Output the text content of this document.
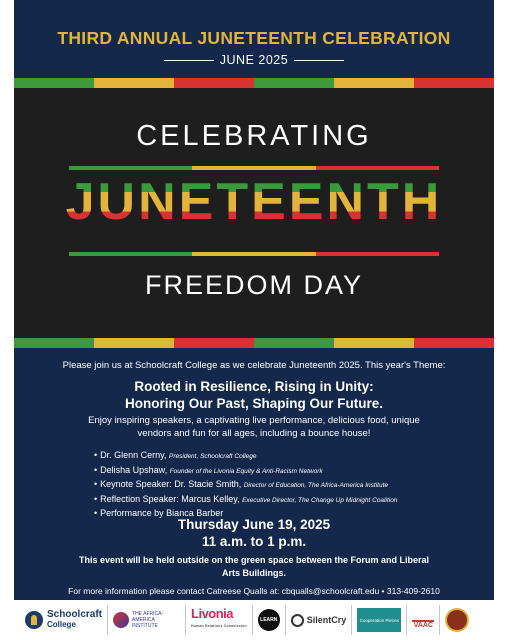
THIRD ANNUAL JUNETEENTH CELEBRATION
JUNE 2025
CELEBRATING
JUNETEENTH
FREEDOM DAY
Please join us at Schoolcraft College as we celebrate Juneteenth 2025. This year's Theme:
Rooted in Resilience, Rising in Unity:
Honoring Our Past, Shaping Our Future.
Enjoy inspiring speakers, a captivating live performance, delicious food, unique vendors and fun for all ages, including a bounce house!
• Dr. Glenn Cerny, President, Schoolcraft College
• Delisha Upshaw, Founder of the Livonia Equity & Anti-Racism Network
• Keynote Speaker: Dr. Stacie Smith, Director of Education, The Africa-America Institute
• Reflection Speaker: Marcus Kelley, Executive Director, The Change Up Midnight Coalition
• Performance by Bianca Barber
Thursday June 19, 2025
11 a.m. to 1 p.m.
This event will be held outside on the green space between the Forum and Liberal Arts Buildings.
For more information please contact Catreese Qualls at: cbqualls@schoolcraft.edu • 313-409-2610
Schoolcraft
College
THE AFRICA-AMERICA INSTITUTE
Livonia
Human Relations Commission
LEARN	SilentCry	Cooperation Pieces
VAAC
